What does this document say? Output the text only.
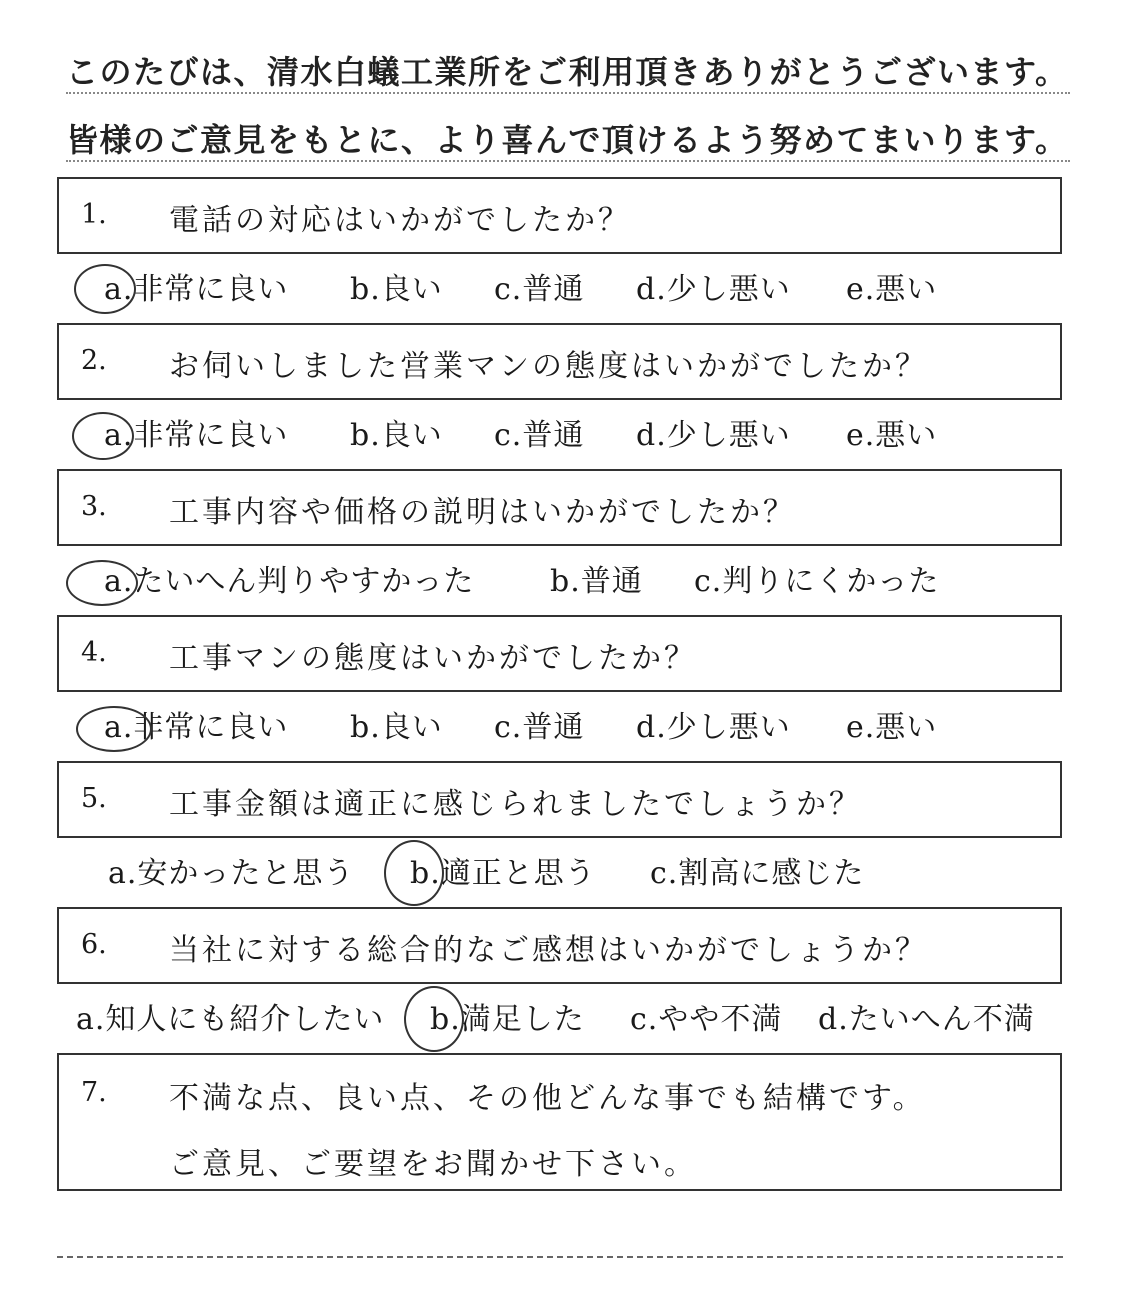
このたびは、清水白蟻工業所をご利用頂きありがとうございます。
皆様のご意見をもとに、より喜んで頂けるよう努めてまいります。
1. 電話の対応はいかがでしたか？
a.非常に良い b.良い c.普通 d.少し悪い e.悪い
2. お伺いしました営業マンの態度はいかがでしたか？
a.非常に良い b.良い c.普通 d.少し悪い e.悪い
3. 工事内容や価格の説明はいかがでしたか？
a.たいへん判りやすかった	b.普通 c.判りにくかった
4. 工事マンの態度はいかがでしたか？
a.非常に良い b.良い c.普通 d.少し悪い e.悪い
5. 工事金額は適正に感じられましたでしょうか？
a.安かったと思う b.適正と思う c.割高に感じた
6. 当社に対する総合的なご感想はいかがでしょうか？
a.知人にも紹介したい b.満足した c.やや不満 d.たいへん不満
7. 不満な点、良い点、その他どんな事でも結構です。
ご意見、ご要望をお聞かせ下さい。
